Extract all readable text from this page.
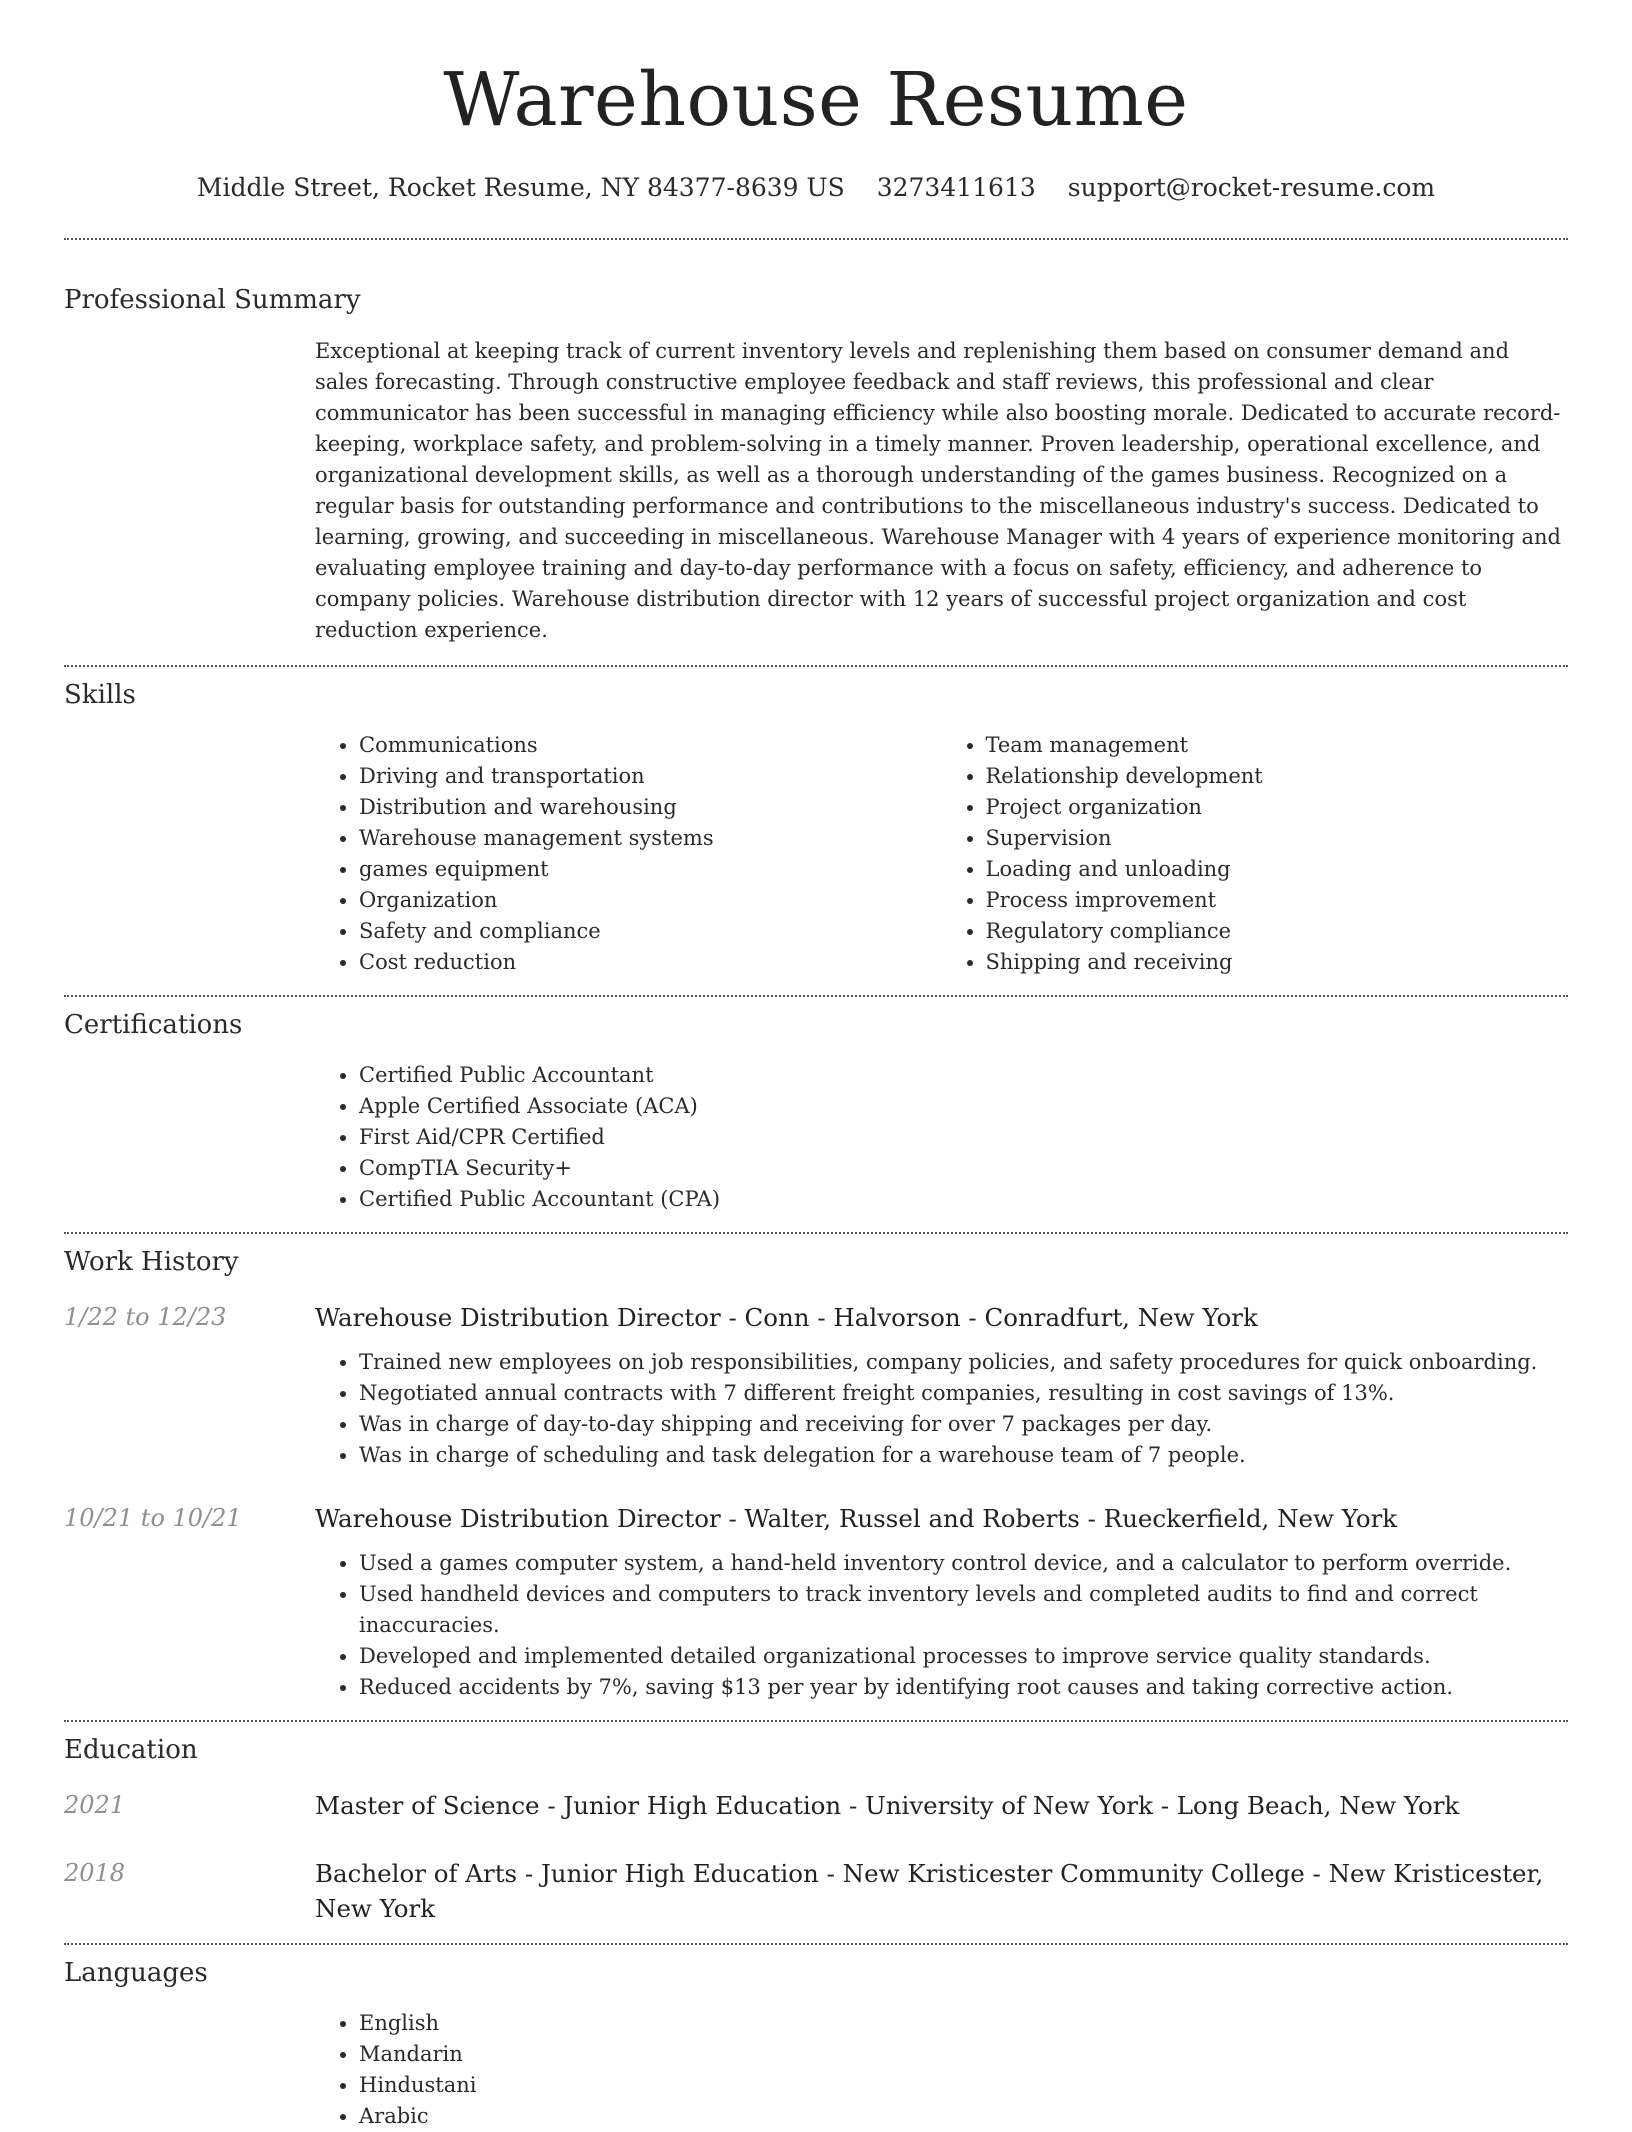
Warehouse Resume
Middle Street, Rocket Resume, NY 84377-8639 US 3273411613 support@rocket-resume.com
Professional Summary

Exceptional at keeping track of current inventory levels and replenishing them based on consumer demand and sales forecasting. Through constructive employee feedback and staff reviews, this professional and clear communicator has been successful in managing efficiency while also boosting morale. Dedicated to accurate record-keeping, workplace safety, and problem-solving in a timely manner. Proven leadership, operational excellence, and organizational development skills, as well as a thorough understanding of the games business. Recognized on a regular basis for outstanding performance and contributions to the miscellaneous industry's success. Dedicated to learning, growing, and succeeding in miscellaneous. Warehouse Manager with 4 years of experience monitoring and evaluating employee training and day-to-day performance with a focus on safety, efficiency, and adherence to company policies. Warehouse distribution director with 12 years of successful project organization and cost reduction experience.

Skills
• Communications
• Driving and transportation
• Distribution and warehousing
• Warehouse management systems
• games equipment
• Organization
• Safety and compliance
• Cost reduction
• Team management
• Relationship development
• Project organization
• Supervision
• Loading and unloading
• Process improvement
• Regulatory compliance
• Shipping and receiving
Certifications
• Certified Public Accountant
• Apple Certified Associate (ACA)
• First Aid/CPR Certified
• CompTIA Security+
• Certified Public Accountant (CPA)
Work History
1/22 to 12/23	Warehouse Distribution Director - Conn - Halvorson - Conradfurt, New York
• Trained new employees on job responsibilities, company policies, and safety procedures for quick onboarding.
• Negotiated annual contracts with 7 different freight companies, resulting in cost savings of 13%.
• Was in charge of day-to-day shipping and receiving for over 7 packages per day.
• Was in charge of scheduling and task delegation for a warehouse team of 7 people.
10/21 to 10/21	Warehouse Distribution Director - Walter, Russel and Roberts - Rueckerfield, New York
• Used a games computer system, a hand-held inventory control device, and a calculator to perform override.
• Used handheld devices and computers to track inventory levels and completed audits to find and correct inaccuracies.
• Developed and implemented detailed organizational processes to improve service quality standards.
• Reduced accidents by 7%, saving $13 per year by identifying root causes and taking corrective action.
Education
2021	Master of Science - Junior High Education - University of New York - Long Beach, New York
2018	Bachelor of Arts - Junior High Education - New Kristicester Community College - New Kristicester, New York
Languages
• English
• Mandarin
• Hindustani
• Arabic
